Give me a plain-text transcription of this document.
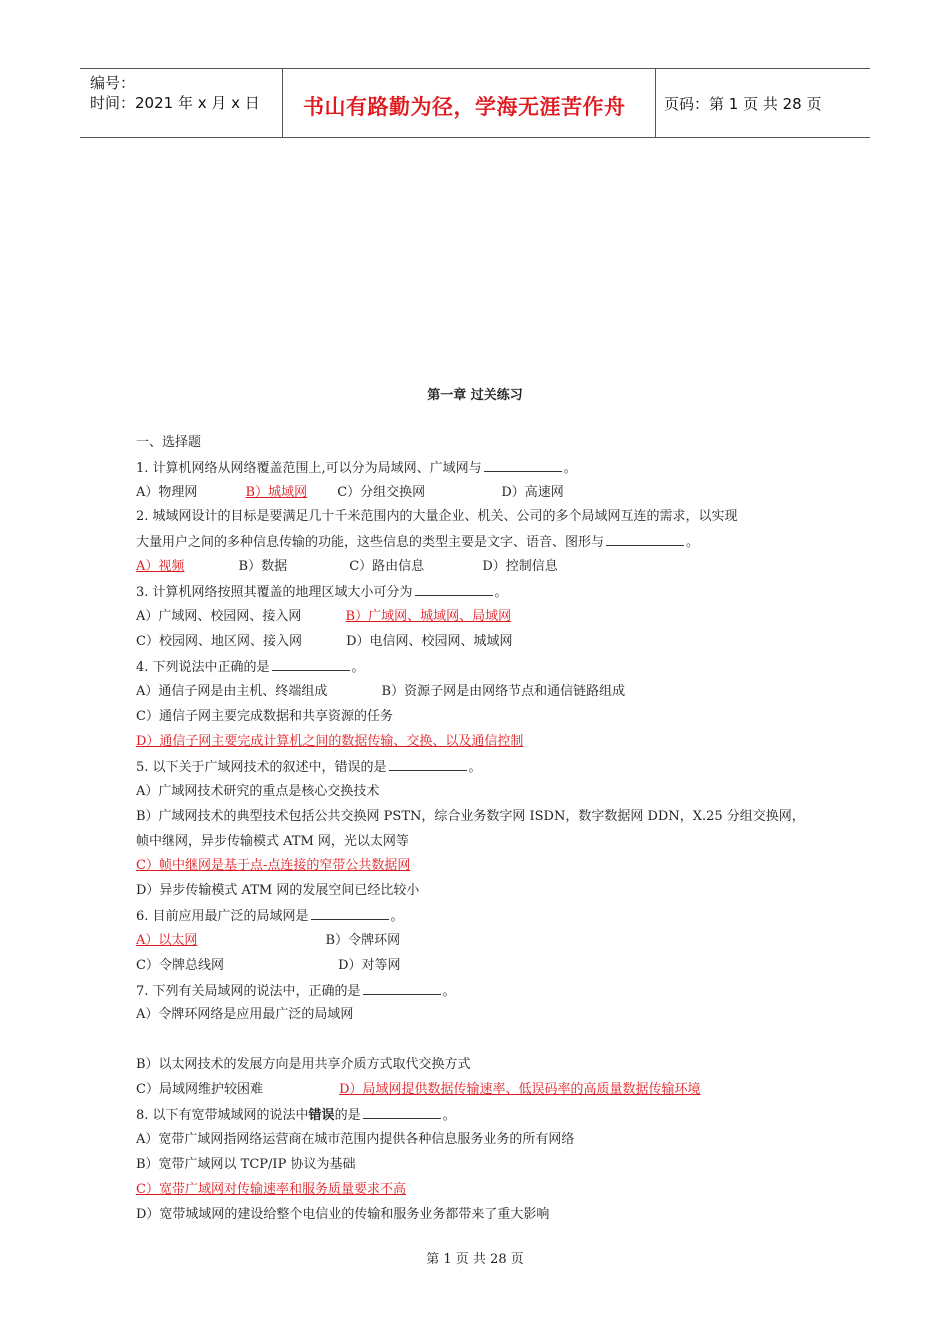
编号：
时间：2021 年 x 月 x 日 书山有路勤为径，学海无涯苦作舟	页码：第 1 页 共 28 页
第一章 过关练习
一、选择题
1. 计算机网络从网络覆盖范围上,可以分为局域网、广域网与	。
A）物理网	B）城域网 C）分组交换网	D）高速网
2. 城域网设计的目标是要满足几十千米范围内的大量企业、机关、公司的多个局域网互连的需求，以实现
大量用户之间的多种信息传输的功能，这些信息的类型主要是文字、语音、图形与	。
A）视频	B）数据	C）路由信息	D）控制信息
3. 计算机网络按照其覆盖的地理区域大小可分为	。
A）广域网、校园网、接入网	B）广域网、城域网、局域网
C）校园网、地区网、接入网	D）电信网、校园网、城域网
4. 下列说法中正确的是	。
A）通信子网是由主机、终端组成	B）资源子网是由网络节点和通信链路组成
C）通信子网主要完成数据和共享资源的任务
D）通信子网主要完成计算机之间的数据传输、交换、以及通信控制
5. 以下关于广域网技术的叙述中，错误的是	。
A）广域网技术研究的重点是核心交换技术
B）广域网技术的典型技术包括公共交换网 PSTN，综合业务数字网 ISDN，数字数据网 DDN，X.25 分组交换网，
帧中继网，异步传输模式 ATM 网，光以太网等
C）帧中继网是基于点-点连接的窄带公共数据网
D）异步传输模式 ATM 网的发展空间已经比较小
6. 目前应用最广泛的局域网是	。
A）以太网	B）令牌环网
C）令牌总线网	D）对等网
7. 下列有关局域网的说法中，正确的是	。
A）令牌环网络是应用最广泛的局域网
B）以太网技术的发展方向是用共享介质方式取代交换方式
C）局域网维护较困难	D）局域网提供数据传输速率、低误码率的高质量数据传输环境
8. 以下有宽带城域网的说法中错误的是	。
A）宽带广域网指网络运营商在城市范围内提供各种信息服务业务的所有网络
B）宽带广域网以 TCP/IP 协议为基础
C）宽带广域网对传输速率和服务质量要求不高
D）宽带城域网的建设给整个电信业的传输和服务业务都带来了重大影响
第 1 页 共 28 页
